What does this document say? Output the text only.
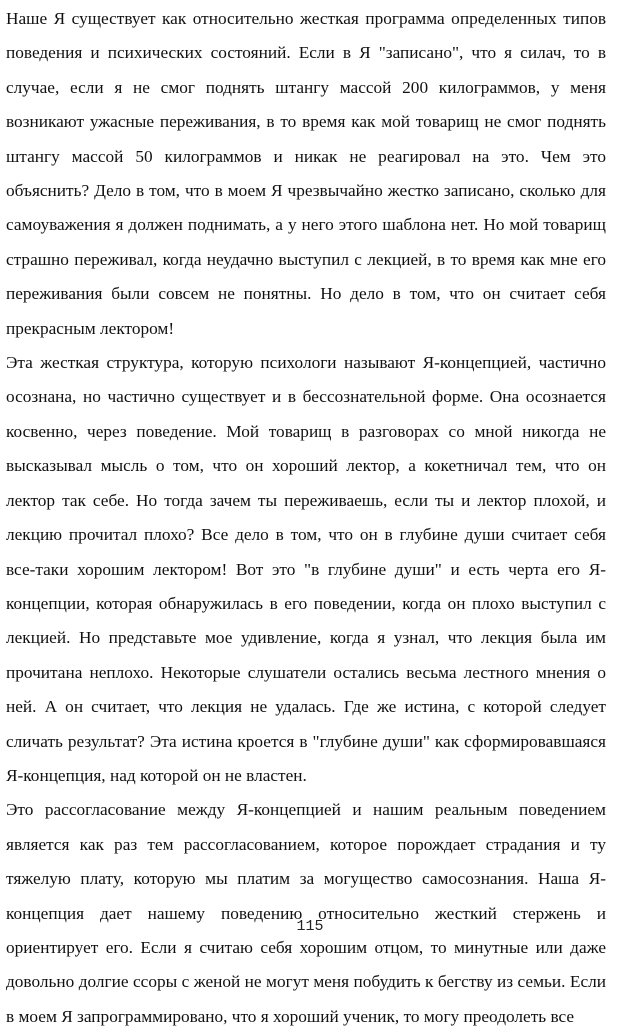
Наше Я существует как относительно жесткая программа определенных типов
поведения и психических состояний. Если в Я "записано", что я силач, то в
случае, если я не смог поднять штангу массой 200 килограммов, у меня
возникают ужасные переживания, в то время как мой товарищ не смог поднять
штангу массой 50 килограммов и никак не реагировал на это. Чем это
объяснить? Дело в том, что в моем Я чрезвычайно жестко записано, сколько для
самоуважения я должен поднимать, а у него этого шаблона нет. Но мой товарищ
страшно переживал, когда неудачно выступил с лекцией, в то время как мне его
переживания были совсем не понятны. Но дело в том, что он считает себя
прекрасным лектором!
Эта жесткая структура, которую психологи называют Я-концепцией, частично
осознана, но частично существует и в бессознательной форме. Она осознается
косвенно, через поведение. Мой товарищ в разговорах со мной никогда не
высказывал мысль о том, что он хороший лектор, а кокетничал тем, что он
лектор так себе. Но тогда зачем ты переживаешь, если ты и лектор плохой, и
лекцию прочитал плохо? Все дело в том, что он в глубине души считает себя
все-таки хорошим лектором! Вот это "в глубине души" и есть черта его Я-
концепции, которая обнаружилась в его поведении, когда он плохо выступил с
лекцией. Но представьте мое удивление, когда я узнал, что лекция была им
прочитана неплохо. Некоторые слушатели остались весьма лестного мнения о
ней. А он считает, что лекция не удалась. Где же истина, с которой следует
сличать результат? Эта истина кроется в "глубине души" как сформировавшаяся
Я-концепция, над которой он не властен.
Это рассогласование между Я-концепцией и нашим реальным поведением
является как раз тем рассогласованием, которое порождает страдания и ту
тяжелую плату, которую мы платим за могущество самосознания. Наша Я-
концепция дает нашему поведению относительно жесткий стержень и
ориентирует его. Если я считаю себя хорошим отцом, то минутные или даже
довольно долгие ссоры с женой не могут меня побудить к бегству из семьи. Если
в моем Я запрограммировано, что я хороший ученик, то могу преодолеть все
115
